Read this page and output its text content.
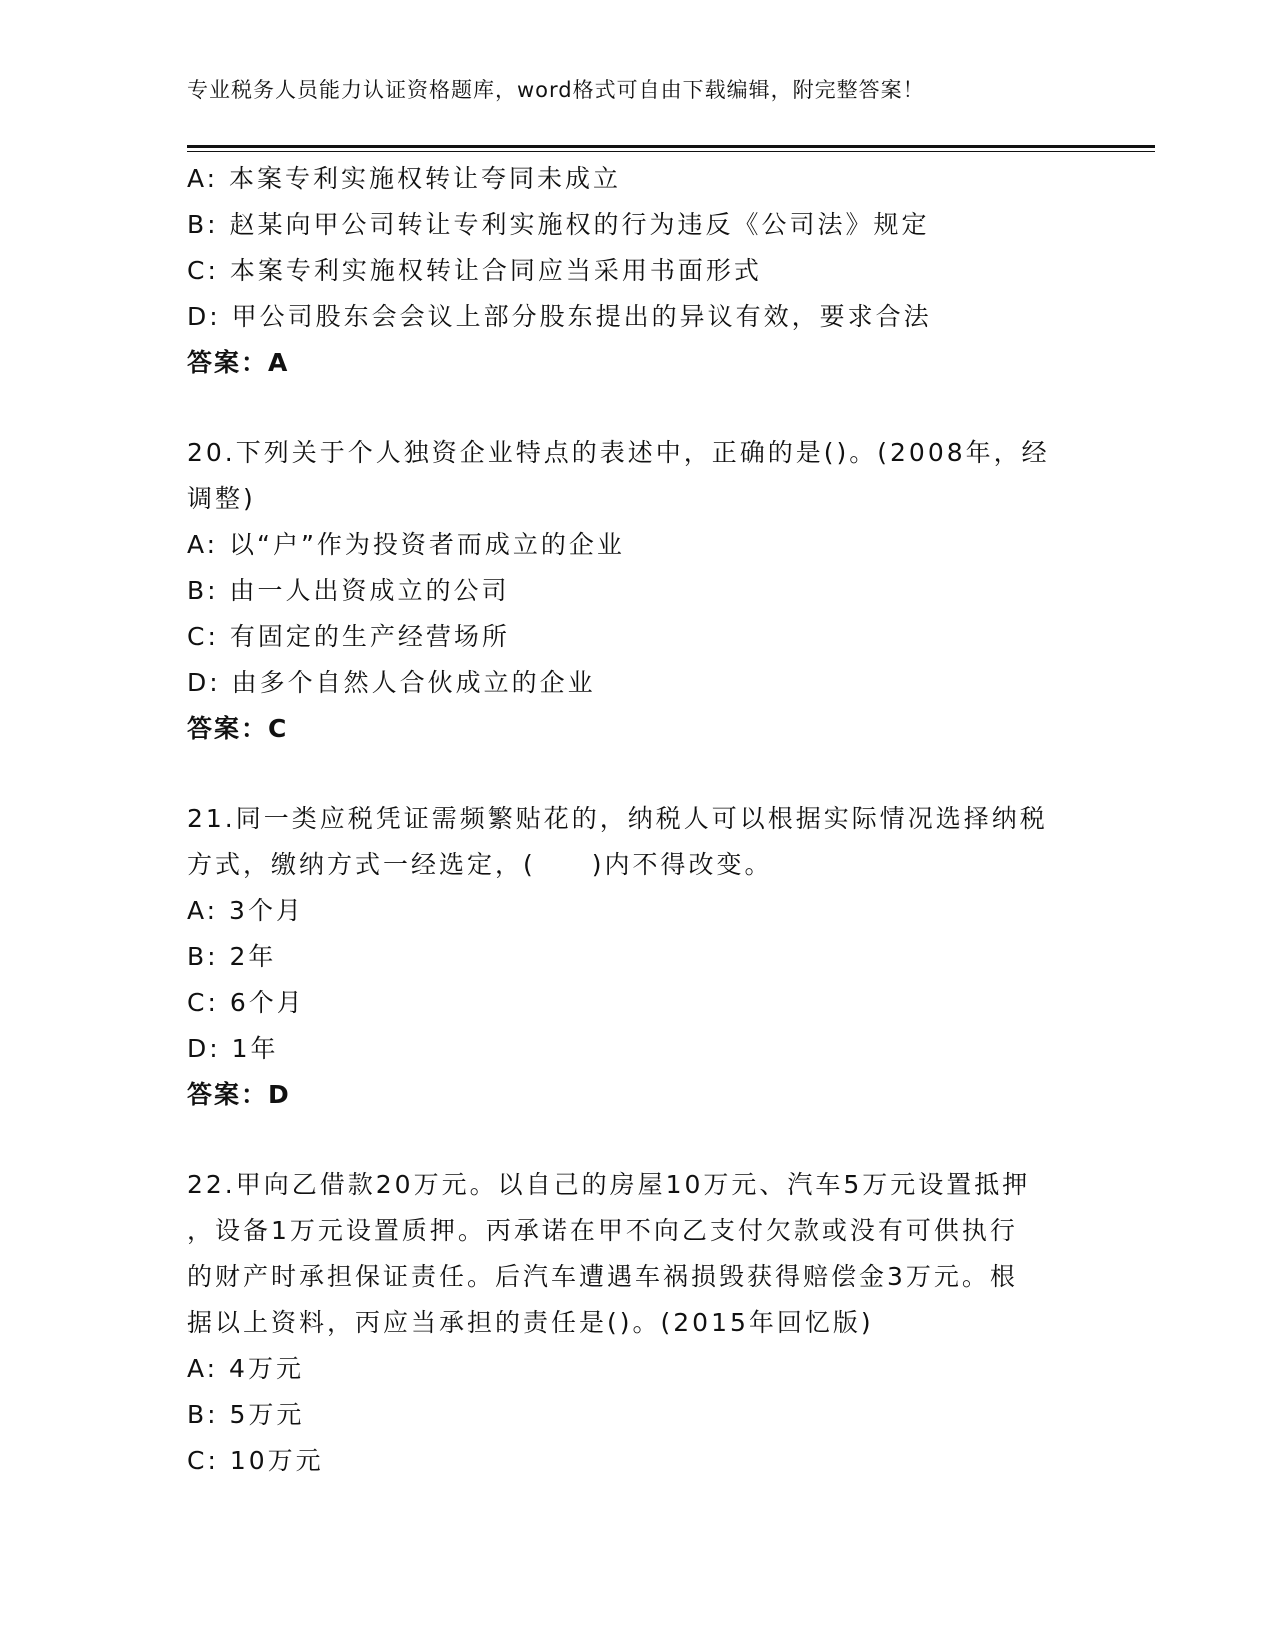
专业税务人员能力认证资格题库，word格式可自由下载编辑，附完整答案！
A: 本案专利实施权转让夸同未成立
B: 赵某向甲公司转让专利实施权的行为违反《公司法》规定
C: 本案专利实施权转让合同应当采用书面形式
D: 甲公司股东会会议上部分股东提出的异议有效，要求合法
答案：A
20.下列关于个人独资企业特点的表述中，正确的是()。(2008年，经
调整)
A: 以“户”作为投资者而成立的企业
B: 由一人出资成立的公司
C: 有固定的生产经营场所
D: 由多个自然人合伙成立的企业
答案：C
21.同一类应税凭证需频繁贴花的，纳税人可以根据实际情况选择纳税
方式，缴纳方式一经选定，(　　)内不得改变。
A: 3个月
B: 2年
C: 6个月
D: 1年
答案：D
22.甲向乙借款20万元。以自己的房屋10万元、汽车5万元设置抵押
，设备1万元设置质押。丙承诺在甲不向乙支付欠款或没有可供执行
的财产时承担保证责任。后汽车遭遇车祸损毁获得赔偿金3万元。根
据以上资料，丙应当承担的责任是()。(2015年回忆版)
A: 4万元
B: 5万元
C: 10万元
